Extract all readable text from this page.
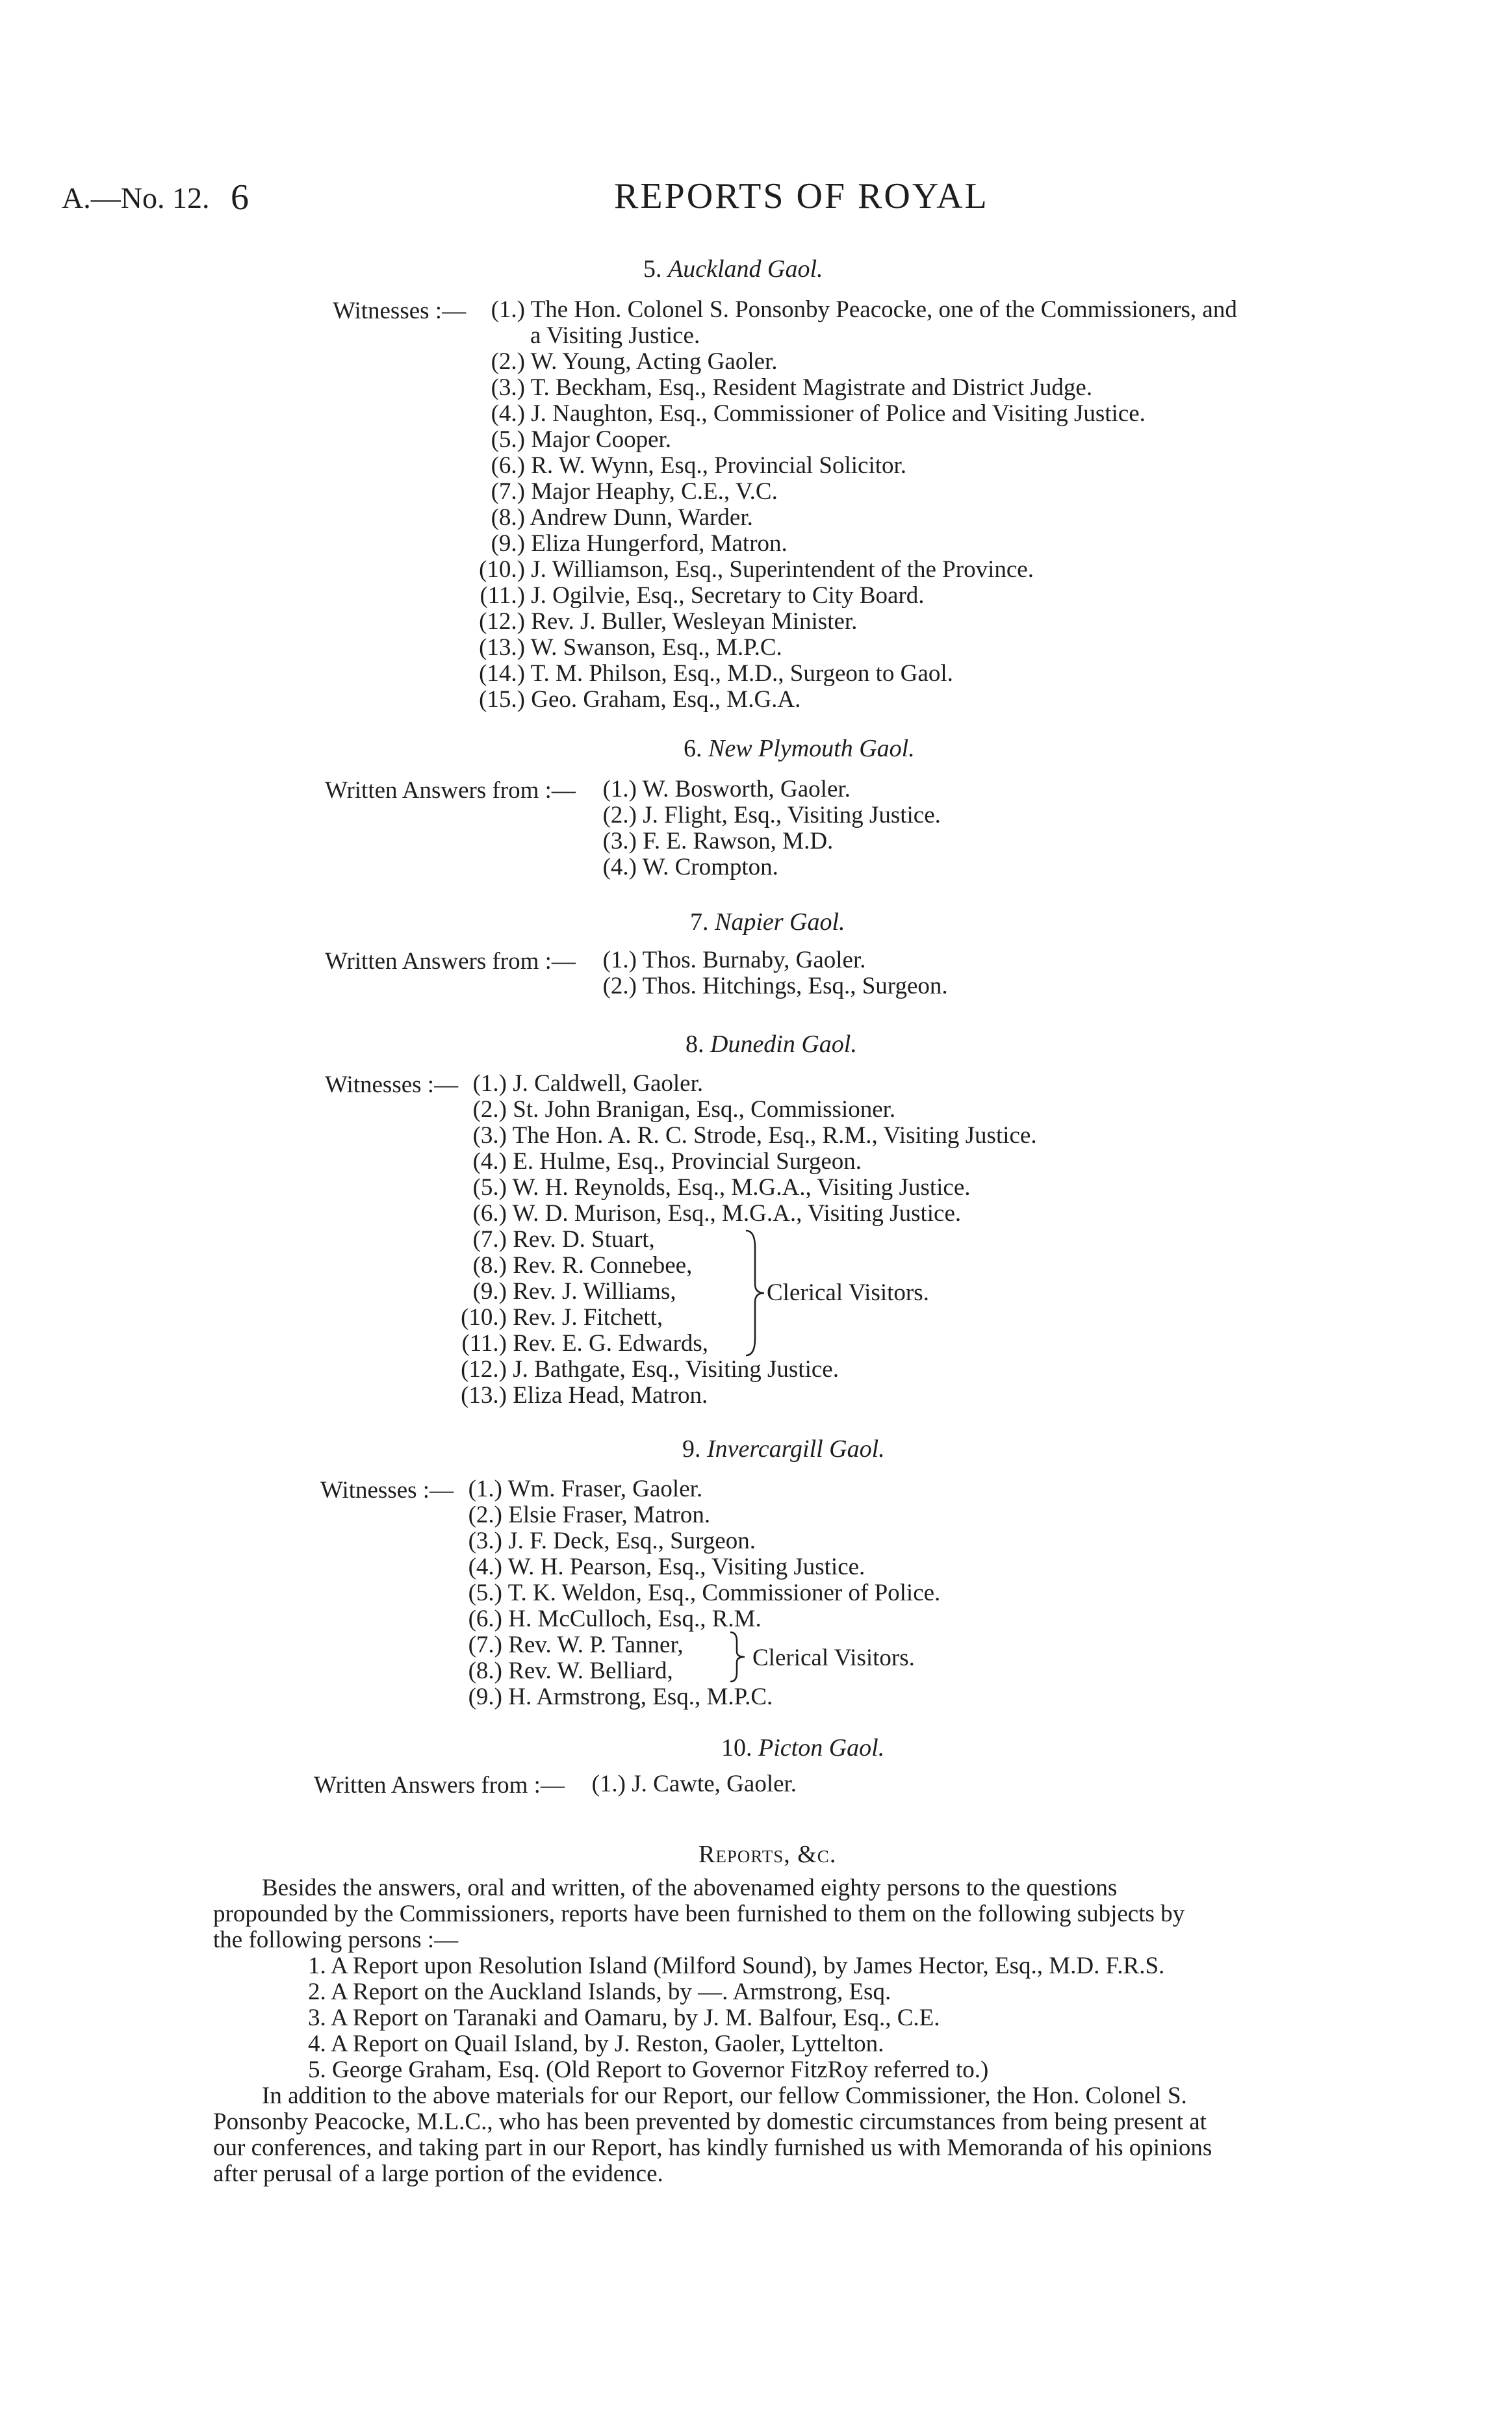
A.—No. 12. 6	REPORTS OF ROYAL
5. Auckland Gaol.
Witnesses :—	(1.) The Hon. Colonel S. Ponsonby Peacocke, one of the Commissioners, and
a Visiting Justice.
(2.) W. Young, Acting Gaoler.
(3.) T. Beckham, Esq., Resident Magistrate and District Judge.
(4.) J. Naughton, Esq., Commissioner of Police and Visiting Justice.
(5.) Major Cooper.
(6.) R. W. Wynn, Esq., Provincial Solicitor.
(7.) Major Heaphy, C.E., V.C.
(8.) Andrew Dunn, Warder.
(9.) Eliza Hungerford, Matron.
(10.) J. Williamson, Esq., Superintendent of the Province.
(11.) J. Ogilvie, Esq., Secretary to City Board.
(12.) Rev. J. Buller, Wesleyan Minister.
(13.) W. Swanson, Esq., M.P.C.
(14.) T. M. Philson, Esq., M.D., Surgeon to Gaol.
(15.) Geo. Graham, Esq., M.G.A.
6. New Plymouth Gaol.
Written Answers from :— (1.) W. Bosworth, Gaoler.
(2.) J. Flight, Esq., Visiting Justice.
(3.) F. E. Rawson, M.D.
(4.) W. Crompton.
7. Napier Gaol.
Written Answers from :— (1.) Thos. Burnaby, Gaoler.
(2.) Thos. Hitchings, Esq., Surgeon.
8. Dunedin Gaol.
Witnesses :— (1.) J. Caldwell, Gaoler.
(2.) St. John Branigan, Esq., Commissioner.
(3.) The Hon. A. R. C. Strode, Esq., R.M., Visiting Justice.
(4.) E. Hulme, Esq., Provincial Surgeon.
(5.) W. H. Reynolds, Esq., M.G.A., Visiting Justice.
(6.) W. D. Murison, Esq., M.G.A., Visiting Justice.
(7.) Rev. D. Stuart,
(8.) Rev. R. Connebee,
(9.) Rev. J. Williams,
(10.) Rev. J. Fitchett,
(11.) Rev. E. G. Edwards,
(12.) J. Bathgate, Esq., Visiting Justice.
(13.) Eliza Head, Matron.
Clerical Visitors.
9. Invercargill Gaol.
Witnesses :— (1.) Wm. Fraser, Gaoler.
(2.) Elsie Fraser, Matron.
(3.) J. F. Deck, Esq., Surgeon.
(4.) W. H. Pearson, Esq., Visiting Justice.
(5.) T. K. Weldon, Esq., Commissioner of Police.
(6.) H. McCulloch, Esq., R.M.
(7.) Rev. W. P. Tanner,
(8.) Rev. W. Belliard,
(9.) H. Armstrong, Esq., M.P.C.
Clerical Visitors.
10. Picton Gaol.
Written Answers from :— (1.) J. Cawte, Gaoler.
Reports, &c.
Besides the answers, oral and written, of the abovenamed eighty persons to the questions
propounded by the Commissioners, reports have been furnished to them on the following subjects by
the following persons :—
1. A Report upon Resolution Island (Milford Sound), by James Hector, Esq., M.D. F.R.S.
2. A Report on the Auckland Islands, by —. Armstrong, Esq.
3. A Report on Taranaki and Oamaru, by J. M. Balfour, Esq., C.E.
4. A Report on Quail Island, by J. Reston, Gaoler, Lyttelton.
5. George Graham, Esq. (Old Report to Governor FitzRoy referred to.)
In addition to the above materials for our Report, our fellow Commissioner, the Hon. Colonel S.
Ponsonby Peacocke, M.L.C., who has been prevented by domestic circumstances from being present at
our conferences, and taking part in our Report, has kindly furnished us with Memoranda of his opinions
after perusal of a large portion of the evidence.
